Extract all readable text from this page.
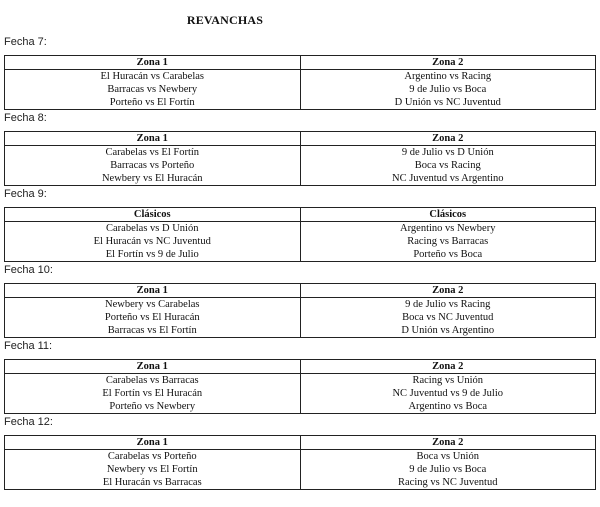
REVANCHAS
Fecha 7:
Zona 1	Zona 2
El Huracán vs Carabelas	Argentino vs Racing
Barracas vs Newbery	9 de Julio vs Boca
Porteño vs El Fortín	D Unión vs NC Juventud
Fecha 8:
Zona 1	Zona 2
Carabelas vs El Fortín	9 de Julio vs D Unión
Barracas vs Porteño	Boca vs Racing
Newbery vs El Huracán	NC Juventud vs Argentino
Fecha 9:
Clásicos	Clásicos
Carabelas vs D Unión	Argentino vs Newbery
El Huracán vs NC Juventud	Racing vs Barracas
El Fortín vs 9 de Julio	Porteño vs Boca
Fecha 10:
Zona 1	Zona 2
Newbery vs Carabelas	9 de Julio vs Racing
Porteño vs El Huracán	Boca vs NC Juventud
Barracas vs El Fortín	D Unión vs Argentino
Fecha 11:
Zona 1	Zona 2
Carabelas vs Barracas	Racing vs Unión
El Fortín vs El Huracán	NC Juventud vs 9 de Julio
Porteño vs Newbery	Argentino vs Boca
Fecha 12:
Zona 1	Zona 2
Carabelas vs Porteño	Boca vs Unión
Newbery vs El Fortín	9 de Julio vs Boca
El Huracán vs Barracas	Racing vs NC Juventud
